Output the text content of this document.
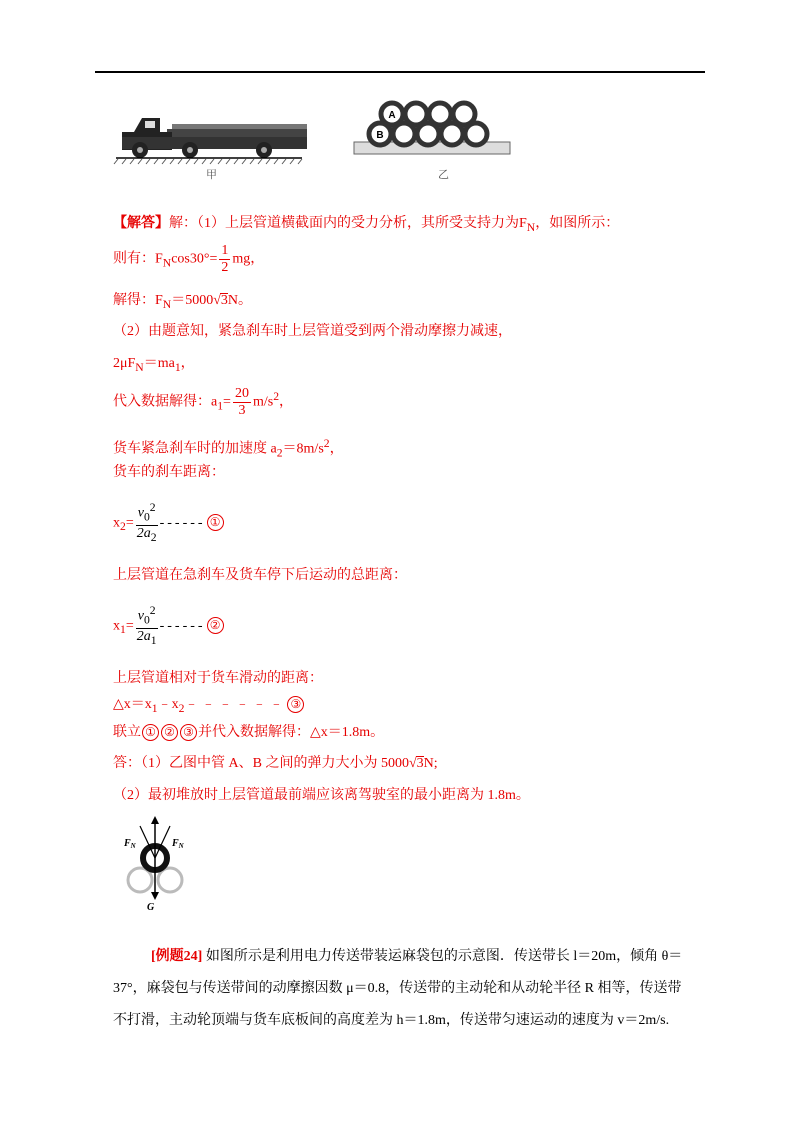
甲
A
B
乙
【解答】解：（1）上层管道横截面内的受力分析，其所受支持力为$F_N$，如图所示：
则有：$F_N\cos 30^\circ= \frac{1}{2}$ mg，
解得：$F_N=5000√3N$。
（2）由题意知，紧急刹车时上层管道受到两个滑动摩擦力减速，
$2\mu F_N=ma_1$，
代入数据解得：$a_1= \frac{20}{3} m/s^2$，
货车紧急刹车时的加速度 $a_2=8m/s^2$，
货车的刹车距离：
$x_2= \frac{v_0^2}{2a_2}$ ------ ①
上层管道在急刹车及货车停下后运动的总距离：
$x_1= \frac{v_0^2}{2a_1}$ ------ ②
上层管道相对于货车滑动的距离：
$\triangle x=x_1﹣x_2﹣﹣﹣﹣﹣﹣$ ③
联立 ① ② ③ 并代入数据解得：△x＝1.8m。
答：（1）乙图中管 A、B 之间的弹力大小为 5000√3N;
（2）最初堆放时上层管道最前端应该离驾驶室的最小距离为 1.8m。
$F_N$	$F_N$
G
[例题24] 如图所示是利用电力传送带装运麻袋包的示意图．传送带长 l＝20m，倾角 θ＝
37°，麻袋包与传送带间的动摩擦因数 μ＝0.8，传送带的主动轮和从动轮半径 R 相等，传送带
不打滑，主动轮顶端与货车底板间的高度差为 h＝1.8m，传送带匀速运动的速度为 v＝2m/s.
